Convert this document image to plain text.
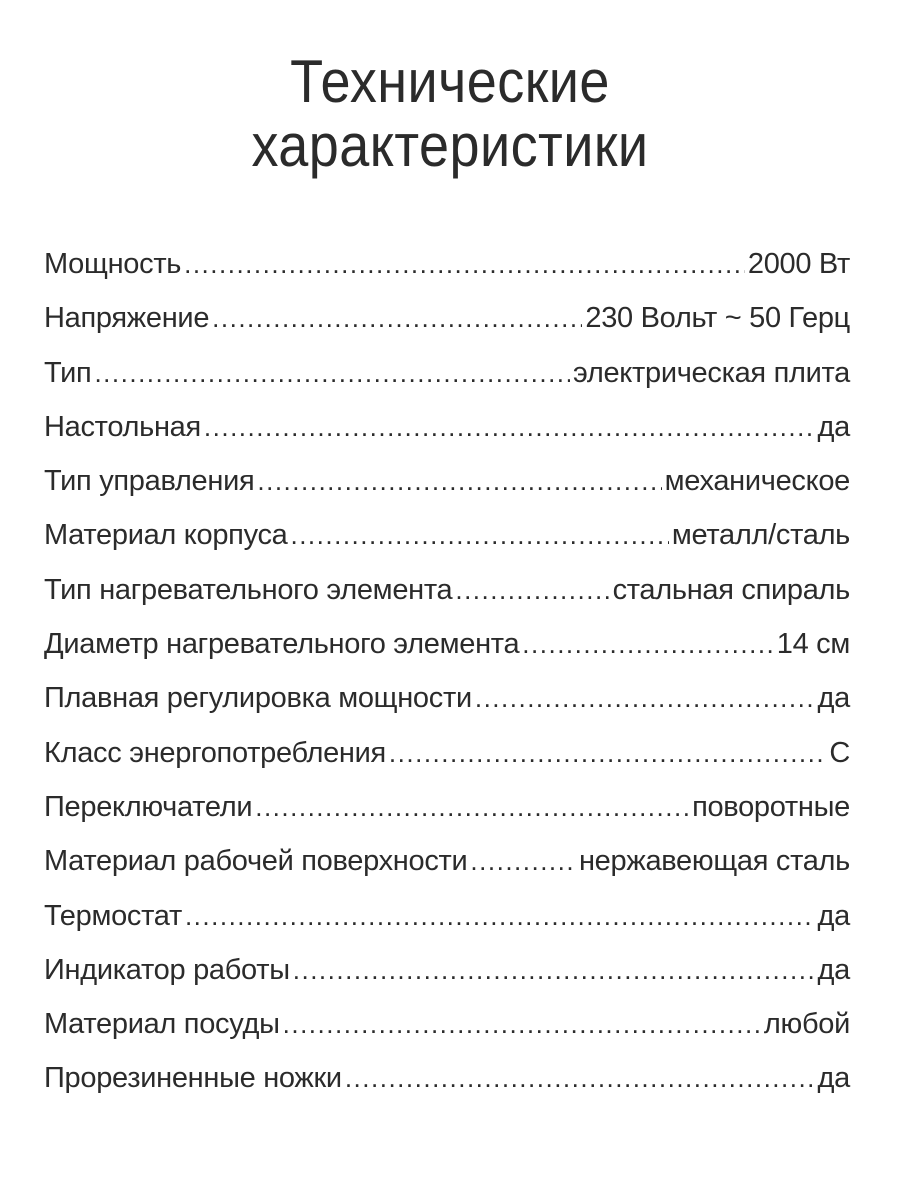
Технические
характеристики
Мощность .....	2000 Вт
Напряжение .....	230 Вольт ~ 50 Герц
Тип .....	электрическая плита
Настольная .....	да
Тип управления .....	механическое
Материал корпуса .....	металл/сталь
Тип нагревательного элемента .....	стальная спираль
Диаметр нагревательного элемента .....	14 см
Плавная регулировка мощности .....	да
Класс энергопотребления .....	C
Переключатели .....	поворотные
Материал рабочей поверхности .....	нержавеющая сталь
Термостат .....	да
Индикатор работы .....	да
Материал посуды .....	любой
Прорезиненные ножки .....	да
